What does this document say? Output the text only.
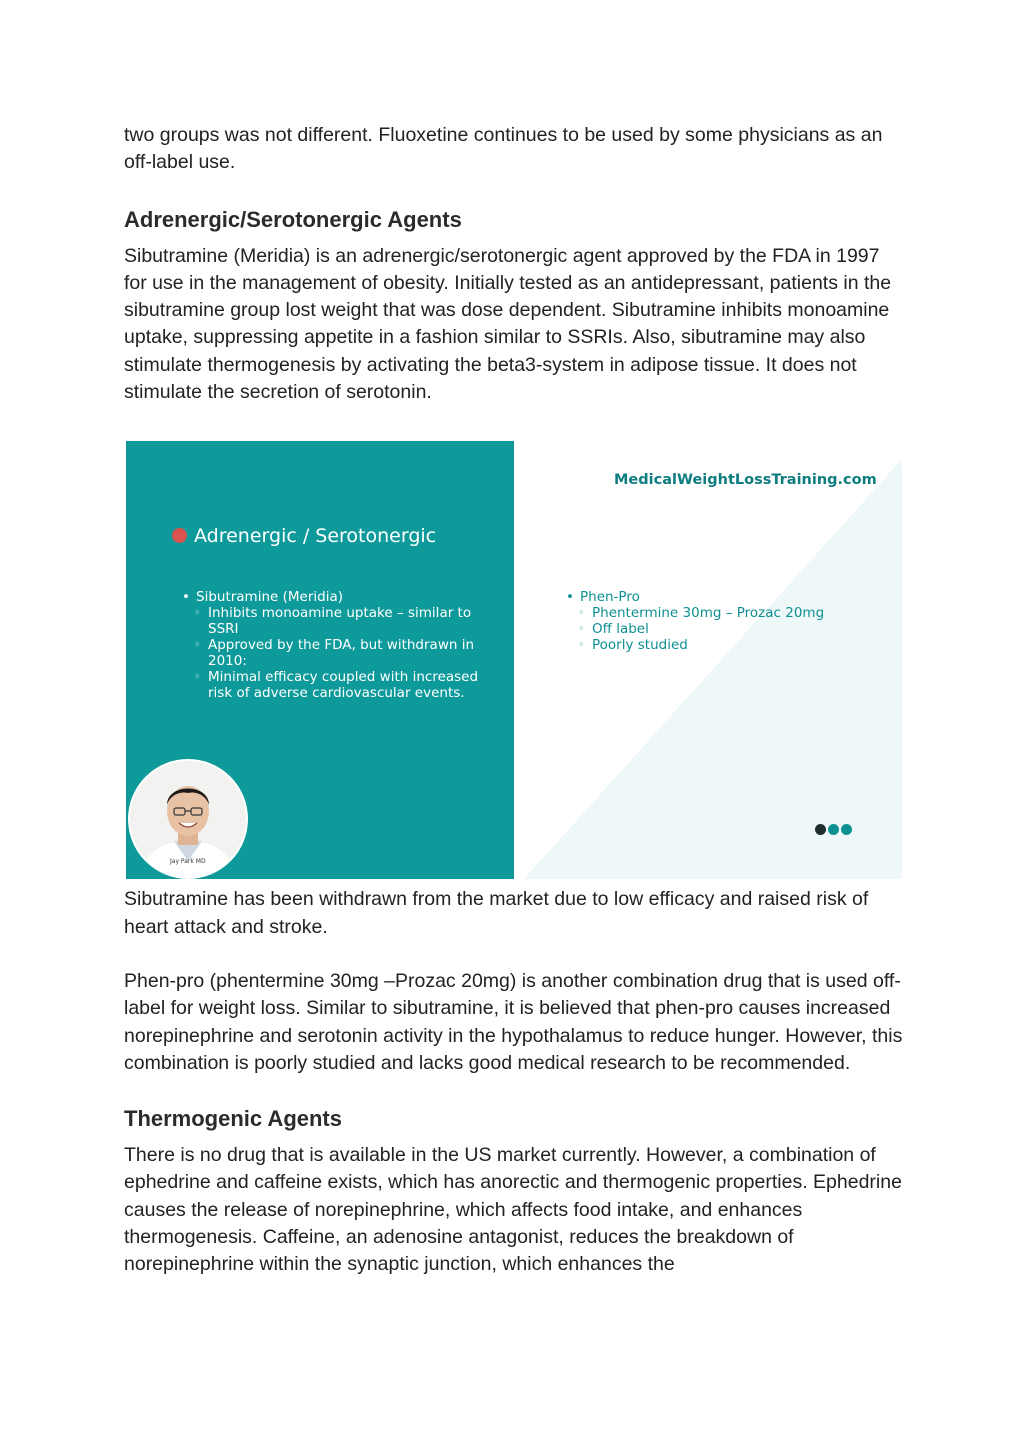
two groups was not different. Fluoxetine continues to be used by some physicians as an off-label use.

Adrenergic/Serotonergic Agents

Sibutramine (Meridia) is an adrenergic/serotonergic agent approved by the FDA in 1997 for use in the management of obesity. Initially tested as an antidepressant, patients in the sibutramine group lost weight that was dose dependent. Sibutramine inhibits monoamine uptake, suppressing appetite in a fashion similar to SSRIs. Also, sibutramine may also stimulate thermogenesis by activating the beta3-system in adipose tissue. It does not stimulate the secretion of serotonin.

Adrenergic / Serotonergic
• Sibutramine (Meridia)
◦ Inhibits monoamine uptake – similar to SSRI
◦ Approved by the FDA, but withdrawn in 2010:
◦ Minimal efficacy coupled with increased risk of adverse cardiovascular events.
Jay Park MD
MedicalWeightLossTraining.com
• Phen-Pro
◦ Phentermine 30mg – Prozac 20mg
◦ Off label
◦ Poorly studied

Sibutramine has been withdrawn from the market due to low efficacy and raised risk of heart attack and stroke.

Phen-pro (phentermine 30mg –Prozac 20mg) is another combination drug that is used off-label for weight loss. Similar to sibutramine, it is believed that phen-pro causes increased norepinephrine and serotonin activity in the hypothalamus to reduce hunger. However, this combination is poorly studied and lacks good medical research to be recommended.

Thermogenic Agents

There is no drug that is available in the US market currently. However, a combination of ephedrine and caffeine exists, which has anorectic and thermogenic properties. Ephedrine causes the release of norepinephrine, which affects food intake, and enhances thermogenesis. Caffeine, an adenosine antagonist, reduces the breakdown of norepinephrine within the synaptic junction, which enhances the
